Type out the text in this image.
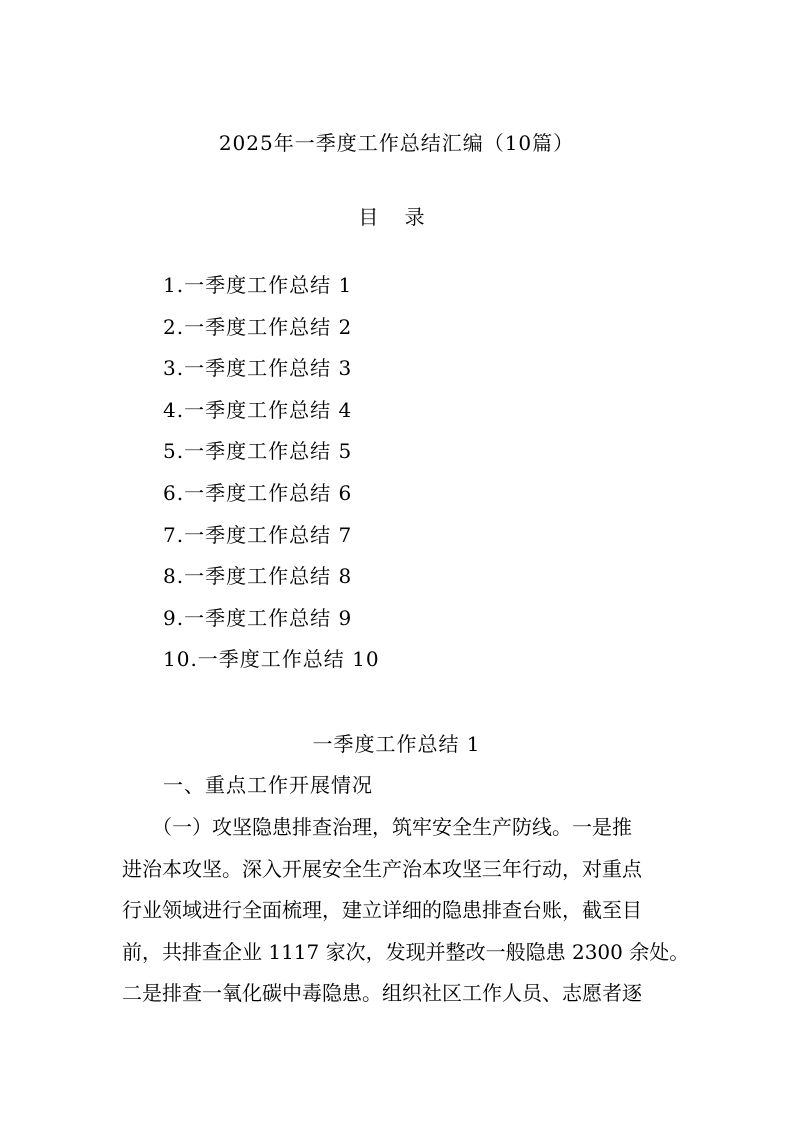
2025年一季度工作总结汇编（10篇）
目 录
1.一季度工作总结 1
2.一季度工作总结 2
3.一季度工作总结 3
4.一季度工作总结 4
5.一季度工作总结 5
6.一季度工作总结 6
7.一季度工作总结 7
8.一季度工作总结 8
9.一季度工作总结 9
10.一季度工作总结 10
一季度工作总结 1
一、重点工作开展情况
　　（一）攻坚隐患排查治理，筑牢安全生产防线。一是推
进治本攻坚。深入开展安全生产治本攻坚三年行动，对重点
行业领域进行全面梳理，建立详细的隐患排查台账，截至目
前，共排查企业 1117 家次，发现并整改一般隐患 2300 余处。
二是排查一氧化碳中毒隐患。组织社区工作人员、志愿者逐
